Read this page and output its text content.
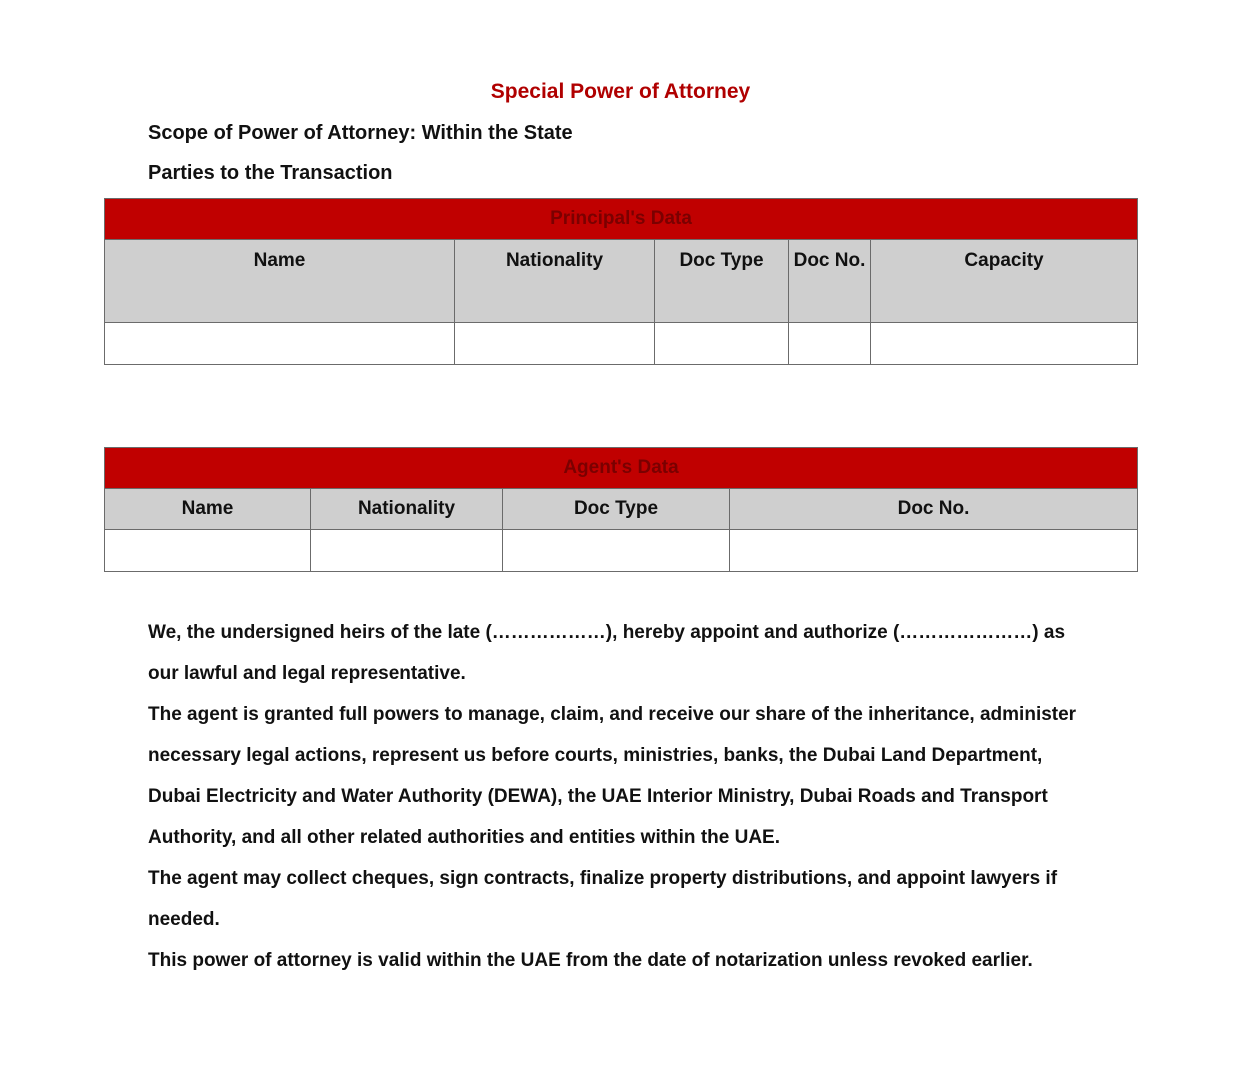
Special Power of Attorney
Scope of Power of Attorney: Within the State
Parties to the Transaction
Principal's Data				
Name	Nationality	Doc Type	Doc No.	Capacity

Agent's Data			
Name	Nationality	Doc Type	Doc No.

We, the undersigned heirs of the late (………………), hereby appoint and authorize (…………………) as our lawful and legal representative.

The agent is granted full powers to manage, claim, and receive our share of the inheritance, administer necessary legal actions, represent us before courts, ministries, banks, the Dubai Land Department, Dubai Electricity and Water Authority (DEWA), the UAE Interior Ministry, Dubai Roads and Transport Authority, and all other related authorities and entities within the UAE.

The agent may collect cheques, sign contracts, finalize property distributions, and appoint lawyers if needed.

This power of attorney is valid within the UAE from the date of notarization unless revoked earlier.
